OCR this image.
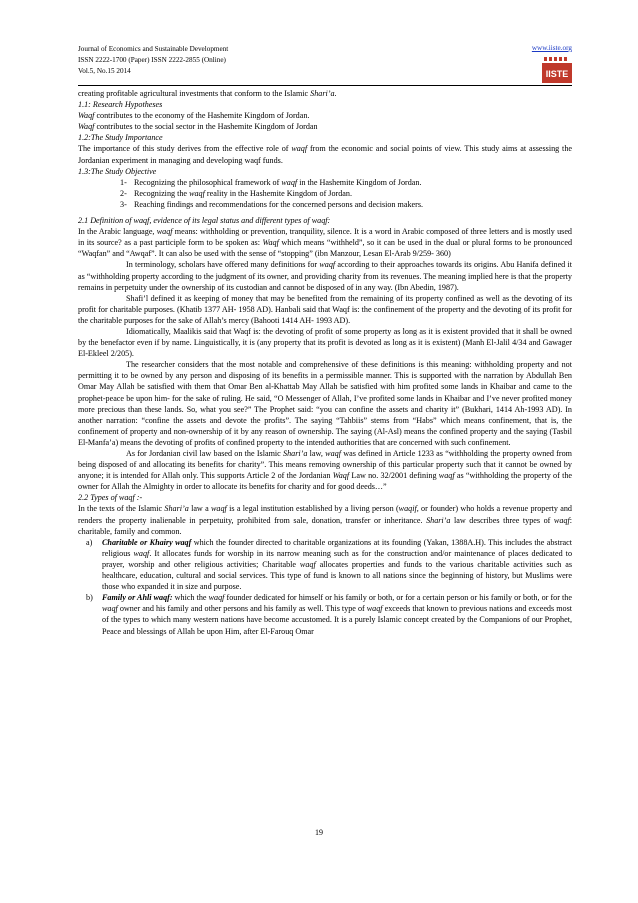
Journal of Economics and Sustainable Development
ISSN 2222-1700 (Paper) ISSN 2222-2855 (Online)
Vol.5, No.15 2014
www.iiste.org
IISTE

creating profitable agricultural investments that conform to the Islamic Shari’a.

1.1: Research Hypotheses

Waqf contributes to the economy of the Hashemite Kingdom of Jordan.

Waqf contributes to the social sector in the Hashemite Kingdom of Jordan

1.2:The Study Importance

The importance of this study derives from the effective role of waqf from the economic and social points of view. This study aims at assessing the Jordanian experiment in managing and developing waqf funds.

1.3:The Study Objective

1- Recognizing the philosophical framework of waqf in the Hashemite Kingdom of Jordan.

2- Recognizing the waqf reality in the Hashemite Kingdom of Jordan.

3- Reaching findings and recommendations for the concerned persons and decision makers.

2.1 Definition of waqf, evidence of its legal status and different types of waqf:

In the Arabic language, waqf means: withholding or prevention, tranquility, silence. It is a word in Arabic composed of three letters and is mostly used in its source? as a past participle form to be spoken as: Waqf which means “withheld”, so it can be used in the dual or plural forms to be pronounced “Waqfan” and “Awqaf”. It can also be used with the sense of “stopping” (ibn Manzour, Lesan El-Arab 9/259- 360)

In terminology, scholars have offered many definitions for waqf according to their approaches towards its origins. Abu Hanifa defined it as “withholding property according to the judgment of its owner, and providing charity from its revenues. The meaning implied here is that the property remains in perpetuity under the ownership of its custodian and cannot be disposed of in any way. (Ibn Abedin, 1987).

Shafi’l defined it as keeping of money that may be benefited from the remaining of its property confined as well as the devoting of its profit for charitable purposes. (Khatib 1377 AH- 1958 AD). Hanbali said that Waqf is: the confinement of the property and the devoting of its profit for the charitable purposes for the sake of Allah’s mercy (Bahooti 1414 AH- 1993 AD).

Idiomatically, Maalikis said that Waqf is: the devoting of profit of some property as long as it is existent provided that it shall be owned by the benefactor even if by name. Linguistically, it is (any property that its profit is devoted as long as it is existent) (Manh El-Jalil 4/34 and Gawager El-Ekleel 2/205).

The researcher considers that the most notable and comprehensive of these definitions is this meaning: withholding property and not permitting it to be owned by any person and disposing of its benefits in a permissible manner. This is supported with the narration by Abdullah Ben Omar May Allah be satisfied with them that Omar Ben al-Khattab May Allah be satisfied with him profited some lands in Khaibar and came to the prophet-peace be upon him- for the sake of ruling. He said, “O Messenger of Allah, I’ve profited some lands in Khaibar and I’ve never profited money more precious than these lands. So, what you see?” The Prophet said: “you can confine the assets and charity it” (Bukhari, 1414 Ah-1993 AD). In another narration: “confine the assets and devote the profits”. The saying “Tahbiis” stems from “Habs” which means confinement, that is, the confinement of property and non-ownership of it by any reason of ownership. The saying (Al-Asl) means the confined property and the saying (Tasbil El-Manfa’a) means the devoting of profits of confined property to the intended authorities that are concerned with such confinement.

As for Jordanian civil law based on the Islamic Shari’a law, waqf was defined in Article 1233 as “withholding the property owned from being disposed of and allocating its benefits for charity”. This means removing ownership of this particular property such that it cannot be owned by anyone; it is intended for Allah only. This supports Article 2 of the Jordanian Waqf Law no. 32/2001 defining waqf as “withholding the property of the owner for Allah the Almighty in order to allocate its benefits for charity and for good deeds…”

2.2 Types of waqf :-

In the texts of the Islamic Shari’a law a waqf is a legal institution established by a living person (waqif, or founder) who holds a revenue property and renders the property inalienable in perpetuity, prohibited from sale, donation, transfer or inheritance. Shari’a law describes three types of waqf: charitable, family and common.

a)	Charitable or Khairy waqf which the founder directed to charitable organizations at its founding (Yakan, 1388A.H). This includes the abstract religious waqf. It allocates funds for worship in its narrow meaning such as for the construction and/or maintenance of places dedicated to prayer, worship and other religious activities; Charitable waqf allocates properties and funds to the various charitable activities such as healthcare, education, cultural and social services. This type of fund is known to all nations since the beginning of history, but Muslims were those who expanded it in size and purpose.
b)	Family or Ahli waqf: which the waqf founder dedicated for himself or his family or both, or for a certain person or his family or both, or for the waqf owner and his family and other persons and his family as well. This type of waqf exceeds that known to previous nations and exceeds most of the types to which many western nations have become accustomed. It is a purely Islamic concept created by the Companions of our Prophet, Peace and blessings of Allah be upon Him, after El-Farouq Omar
19
